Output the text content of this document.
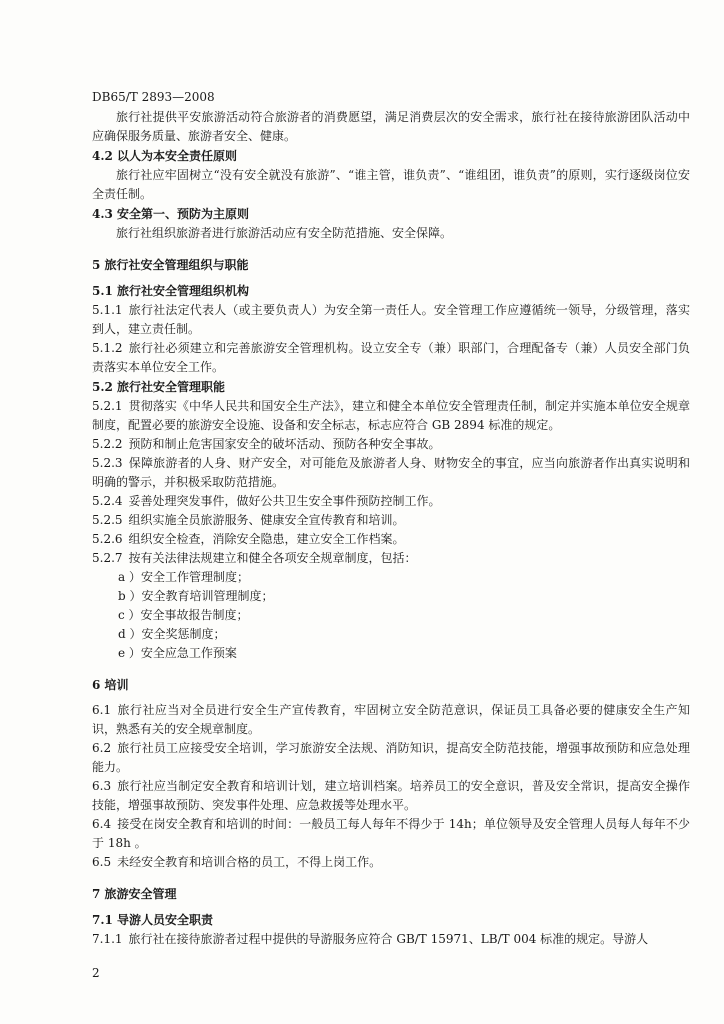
DB65/T 2893—2008

旅行社提供平安旅游活动符合旅游者的消费愿望，满足消费层次的安全需求，旅行社在接待旅游团队活动中应确保服务质量、旅游者安全、健康。

4.2 以人为本安全责任原则

旅行社应牢固树立“没有安全就没有旅游”、“谁主管，谁负责”、“谁组团，谁负责”的原则，实行逐级岗位安全责任制。

4.3 安全第一、预防为主原则

旅行社组织旅游者进行旅游活动应有安全防范措施、安全保障。

5 旅行社安全管理组织与职能
5.1 旅行社安全管理组织机构

5.1.1 旅行社法定代表人（或主要负责人）为安全第一责任人。安全管理工作应遵循统一领导，分级管理，落实到人，建立责任制。

5.1.2 旅行社必须建立和完善旅游安全管理机构。设立安全专（兼）职部门，合理配备专（兼）人员安全部门负责落实本单位安全工作。

5.2 旅行社安全管理职能

5.2.1 贯彻落实《中华人民共和国安全生产法》，建立和健全本单位安全管理责任制，制定并实施本单位安全规章制度，配置必要的旅游安全设施、设备和安全标志，标志应符合 GB 2894 标准的规定。

5.2.2 预防和制止危害国家安全的破坏活动、预防各种安全事故。

5.2.3 保障旅游者的人身、财产安全，对可能危及旅游者人身、财物安全的事宜，应当向旅游者作出真实说明和明确的警示，并积极采取防范措施。

5.2.4 妥善处理突发事件，做好公共卫生安全事件预防控制工作。

5.2.5 组织实施全员旅游服务、健康安全宣传教育和培训。

5.2.6 组织安全检查，消除安全隐患，建立安全工作档案。

5.2.7 按有关法律法规建立和健全各项安全规章制度，包括：

a ）安全工作管理制度；

b ）安全教育培训管理制度；

c ）安全事故报告制度；

d ）安全奖惩制度；

e ）安全应急工作预案

6 培训

6.1 旅行社应当对全员进行安全生产宣传教育，牢固树立安全防范意识，保证员工具备必要的健康安全生产知识，熟悉有关的安全规章制度。

6.2 旅行社员工应接受安全培训，学习旅游安全法规、消防知识，提高安全防范技能，增强事故预防和应急处理能力。

6.3 旅行社应当制定安全教育和培训计划，建立培训档案。培养员工的安全意识，普及安全常识，提高安全操作技能，增强事故预防、突发事件处理、应急救援等处理水平。

6.4 接受在岗安全教育和培训的时间：一般员工每人每年不得少于 14h；单位领导及安全管理人员每人每年不少于 18h 。

6.5 未经安全教育和培训合格的员工，不得上岗工作。

7 旅游安全管理
7.1 导游人员安全职责

7.1.1 旅行社在接待旅游者过程中提供的导游服务应符合 GB/T 15971、LB/T 004 标准的规定。导游人

2
